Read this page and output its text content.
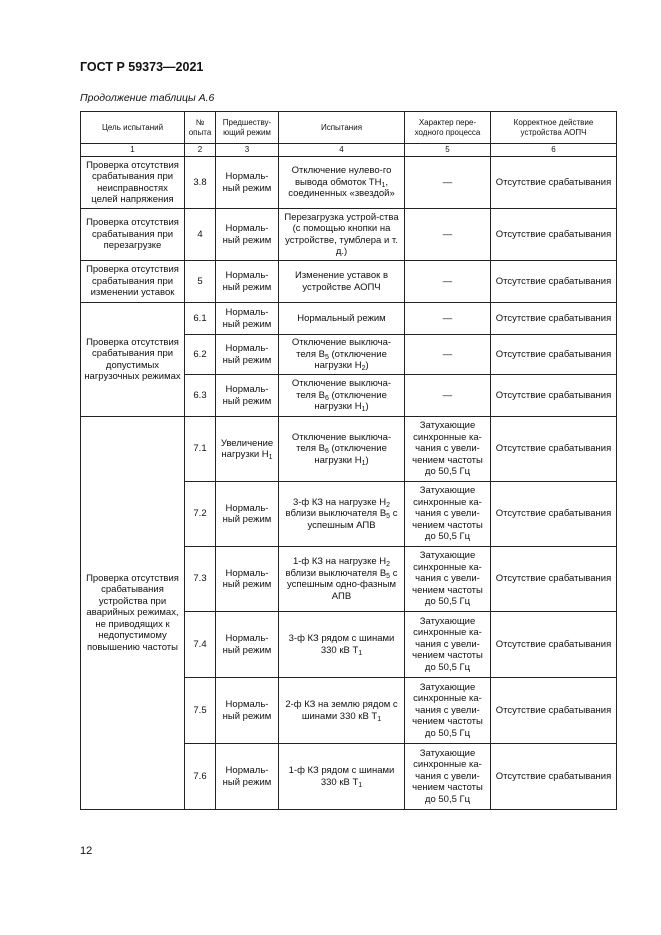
ГОСТ Р 59373—2021
Продолжение таблицы А.6
Цель испытаний	№ опыта	Предшеству-ющий режим	Испытания	Характер пере-ходного процесса	Корректное действие устройства АОПЧ
1	2	3	4	5	6
Проверка отсутствия срабатывания при неисправностях целей напряжения	3.8	Нормаль-ный режим	Отключение нулево-го вывода обмоток $ТН_1$, соединенных «звездой»	—	Отсутствие срабатывания
Проверка отсутствия срабатывания при перезагрузке	4	Нормаль-ный режим	Перезагрузка устрой-ства (с помощью кнопки на устройстве, тумблера и т. д.)	—	Отсутствие срабатывания
Проверка отсутствия срабатывания при изменении уставок	5	Нормаль-ный режим	Изменение уставок в устройстве АОПЧ	—	Отсутствие срабатывания
Проверка отсутствия срабатывания при допустимых нагрузочных режимах	6.1	Нормаль-ный режим	Нормальный режим	—	Отсутствие срабатывания
	6.2	Нормаль-ный режим	Отключение выключа-теля $В_5$ (отключение нагрузки $Н_2$)	—	Отсутствие срабатывания
	6.3	Нормаль-ный режим	Отключение выключа-теля $В_6$ (отключение нагрузки $Н_1$)	—	Отсутствие срабатывания
Проверка отсутствия срабатывания устройства при аварийных режимах, не приводящих к недопустимому повышению частоты	7.1	Увеличение нагрузки $Н_1$	Отключение выключа-теля $В_6$ (отключение нагрузки $Н_1$)	Затухающие синхронные ка-чания с увели-чением частоты до 50,5 Гц	Отсутствие срабатывания
	7.2	Нормаль-ный режим	3-ф КЗ на нагрузке $Н_2$ вблизи выключателя $В_5$ с успешным АПВ	Затухающие синхронные ка-чания с увели-чением частоты до 50,5 Гц	Отсутствие срабатывания
	7.3	Нормаль-ный режим	1-ф КЗ на нагрузке $Н_2$ вблизи выключателя $В_5$ с успешным одно-фазным АПВ	Затухающие синхронные ка-чания с увели-чением частоты до 50,5 Гц	Отсутствие срабатывания
	7.4	Нормаль-ный режим	3-ф КЗ рядом с шинами 330 кВ $Т_1$	Затухающие синхронные ка-чания с увели-чением частоты до 50,5 Гц	Отсутствие срабатывания
	7.5	Нормаль-ный режим	2-ф КЗ на землю рядом с шинами 330 кВ $Т_1$	Затухающие синхронные ка-чания с увели-чением частоты до 50,5 Гц	Отсутствие срабатывания
	7.6	Нормаль-ный режим	1-ф КЗ рядом с шинами 330 кВ $Т_1$	Затухающие синхронные ка-чания с увели-чением частоты до 50,5 Гц	Отсутствие срабатывания
12
